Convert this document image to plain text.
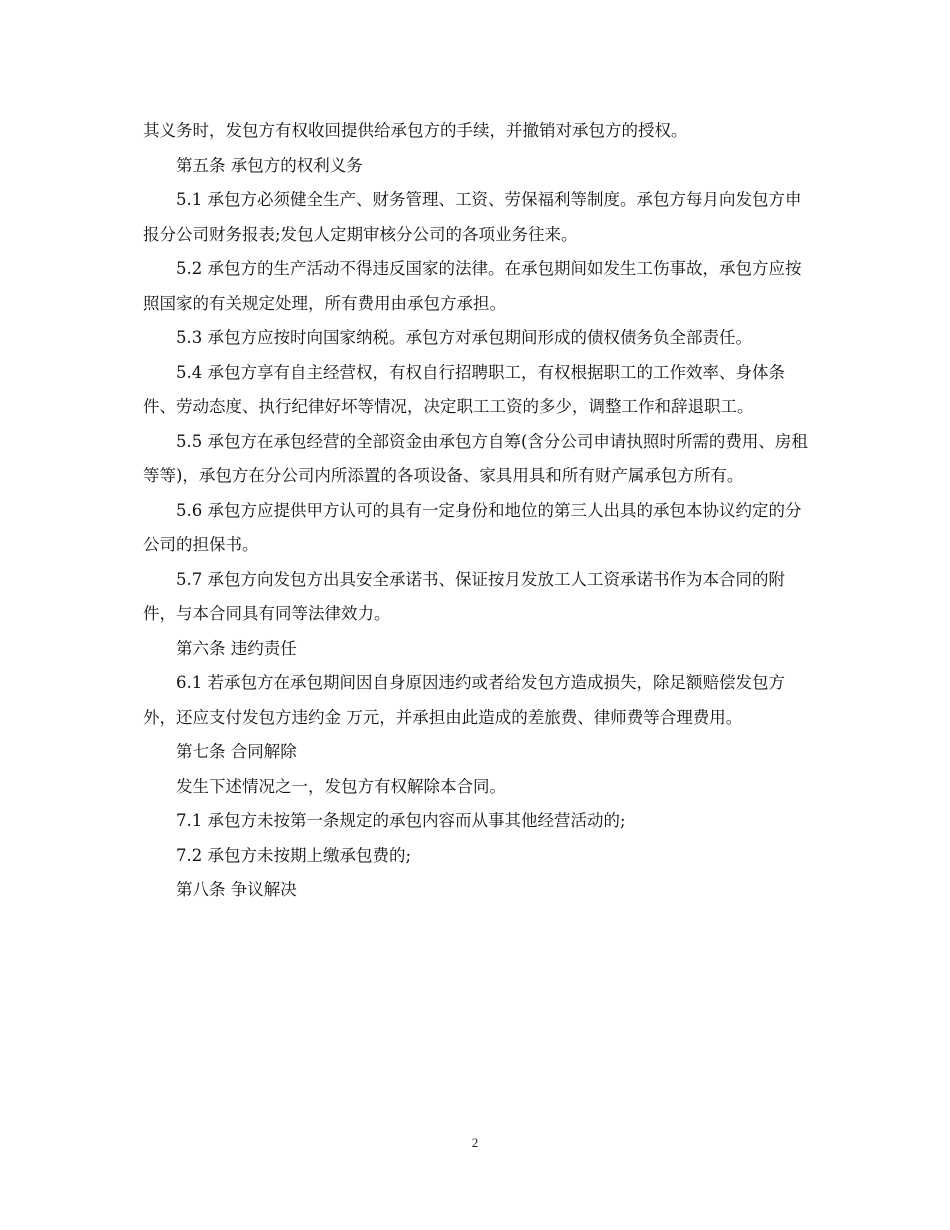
其义务时，发包方有权收回提供给承包方的手续，并撤销对承包方的授权。

第五条 承包方的权利义务

5.1 承包方必须健全生产、财务管理、工资、劳保福利等制度。承包方每月向发包方申报分公司财务报表;发包人定期审核分公司的各项业务往来。

5.2 承包方的生产活动不得违反国家的法律。在承包期间如发生工伤事故，承包方应按照国家的有关规定处理，所有费用由承包方承担。

5.3 承包方应按时向国家纳税。承包方对承包期间形成的债权债务负全部责任。

5.4 承包方享有自主经营权，有权自行招聘职工，有权根据职工的工作效率、身体条件、劳动态度、执行纪律好坏等情况，决定职工工资的多少，调整工作和辞退职工。

5.5 承包方在承包经营的全部资金由承包方自筹(含分公司申请执照时所需的费用、房租等等)，承包方在分公司内所添置的各项设备、家具用具和所有财产属承包方所有。

5.6 承包方应提供甲方认可的具有一定身份和地位的第三人出具的承包本协议约定的分公司的担保书。

5.7 承包方向发包方出具安全承诺书、保证按月发放工人工资承诺书作为本合同的附件，与本合同具有同等法律效力。

第六条 违约责任

6.1 若承包方在承包期间因自身原因违约或者给发包方造成损失，除足额赔偿发包方外，还应支付发包方违约金 万元，并承担由此造成的差旅费、律师费等合理费用。

第七条 合同解除

发生下述情况之一，发包方有权解除本合同。

7.1 承包方未按第一条规定的承包内容而从事其他经营活动的;

7.2 承包方未按期上缴承包费的;

第八条 争议解决

2
